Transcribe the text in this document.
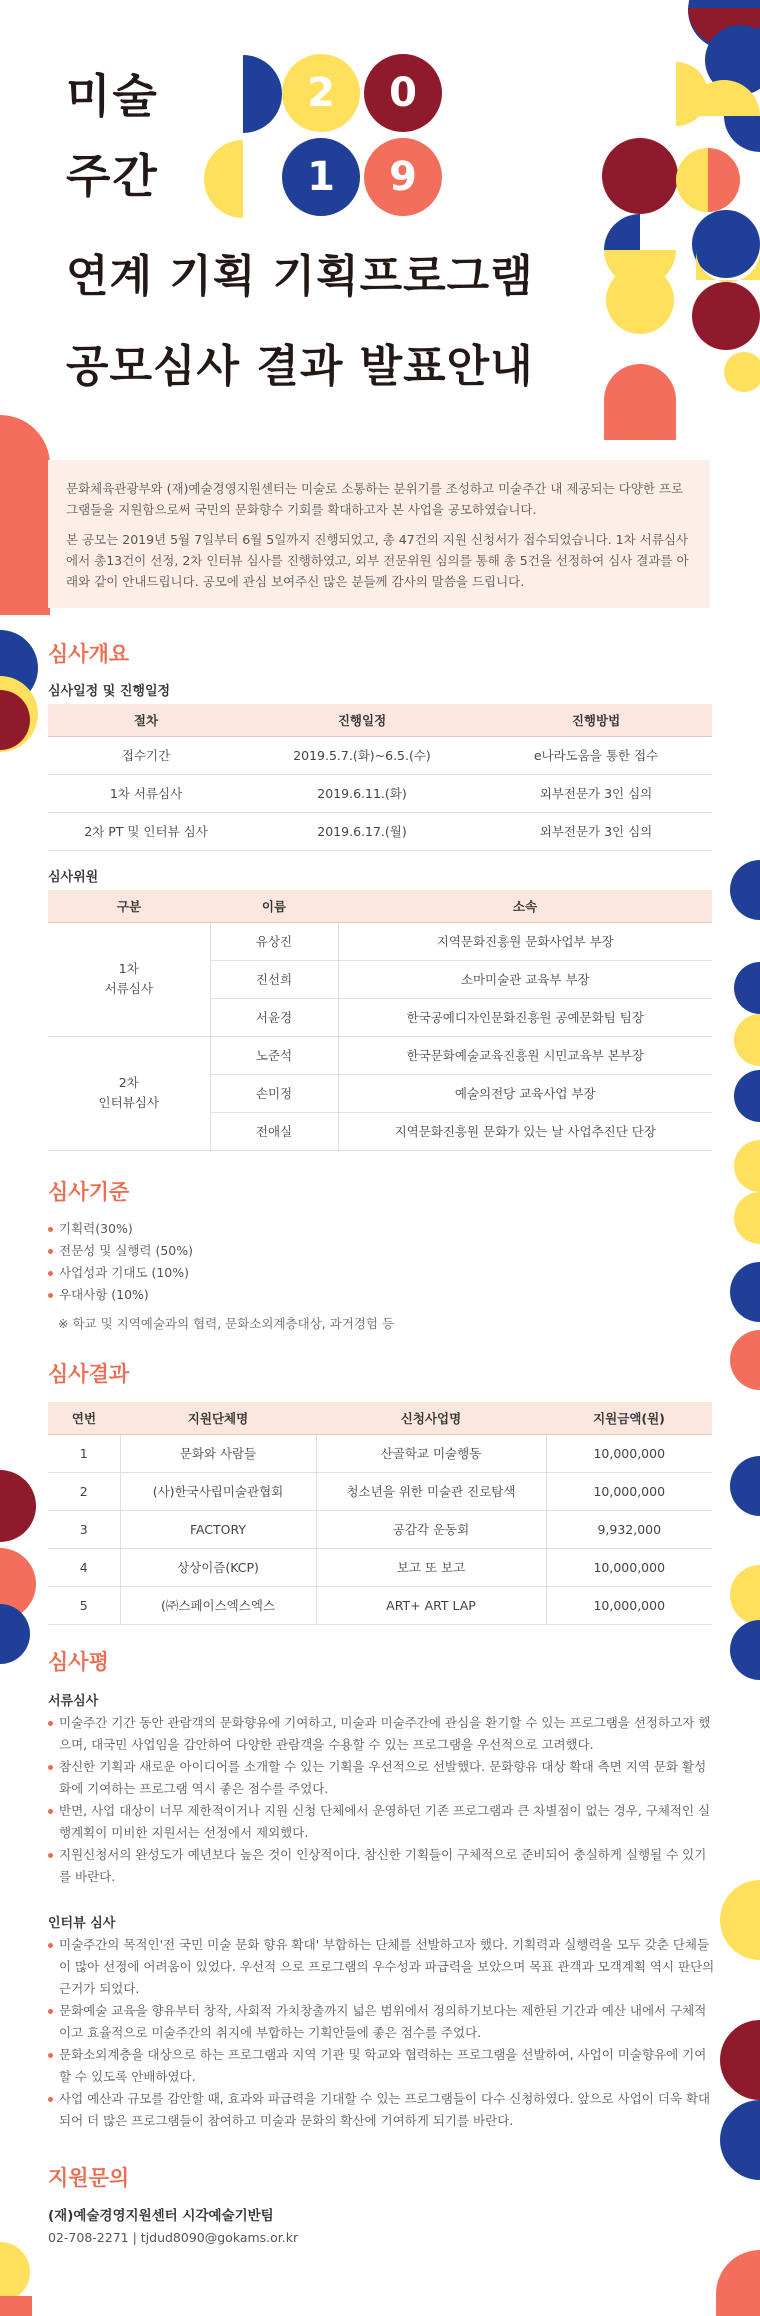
미술
주간
2	0
1	9
연계 기획 기획프로그램
공모심사 결과 발표안내

문화체육관광부와 (재)예술경영지원센터는 미술로 소통하는 분위기를 조성하고 미술주간 내 제공되는 다양한 프로그램들을 지원함으로써 국민의 문화향수 기회를 확대하고자 본 사업을 공모하였습니다.

본 공모는 2019년 5월 7일부터 6월 5일까지 진행되었고, 총 47건의 지원 신청서가 접수되었습니다. 1차 서류심사에서 총13건이 선정, 2차 인터뷰 심사를 진행하였고, 외부 전문위원 심의를 통해 총 5건을 선정하여 심사 결과를 아래와 같이 안내드립니다. 공모에 관심 보여주신 많은 분들께 감사의 말씀을 드립니다.

심사개요
심사일정 및 진행일정
절차	진행일정	진행방법
접수기간	2019.5.7.(화)~6.5.(수)	e나라도움을 통한 접수
1차 서류심사	2019.6.11.(화)	외부전문가 3인 심의
2차 PT 및 인터뷰 심사	2019.6.17.(월)	외부전문가 3인 심의
심사위원
구분	이름	소속
1차
서류심사	유상진	지역문화진흥원 문화사업부 부장
	진선희	소마미술관 교육부 부장
	서윤경	한국공예디자인문화진흥원 공예문화팀 팀장
2차
인터뷰심사	노준석	한국문화예술교육진흥원 시민교육부 본부장
	손미정	예술의전당 교육사업 부장
	전애실	지역문화진흥원 문화가 있는 날 사업추진단 단장
심사기준
기획력(30%)
전문성 및 실행력 (50%)
사업성과 기대도 (10%)
우대사항 (10%)
※ 학교 및 지역예술과의 협력, 문화소외계층대상, 과거경험 등
심사결과
연번	지원단체명	신청사업명	지원금액(원)
1	문화와 사람들	산골학교 미술행동	10,000,000
2	(사)한국사립미술관협회	청소년을 위한 미술관 진로탐색	10,000,000
3	FACTORY	공감각 운동회	9,932,000
4	상상이즘(KCP)	보고 또 보고	10,000,000
5	(㈜스페이스엑스엑스	ART+ ART LAP	10,000,000
심사평
서류심사
미술주간 기간 동안 관람객의 문화향유에 기여하고, 미술과 미술주간에 관심을 환기할 수 있는 프로그램을 선정하고자 했으며, 대국민 사업임을 감안하여 다양한 관람객을 수용할 수 있는 프로그램을 우선적으로 고려했다.
참신한 기획과 새로운 아이디어를 소개할 수 있는 기획을 우선적으로 선발했다. 문화향유 대상 확대 측면 지역 문화 활성화에 기여하는 프로그램 역시 좋은 점수를 주었다.
반면, 사업 대상이 너무 제한적이거나 지원 신청 단체에서 운영하던 기존 프로그램과 큰 차별점이 없는 경우, 구체적인 실행계획이 미비한 지원서는 선정에서 제외했다.
지원신청서의 완성도가 예년보다 높은 것이 인상적이다. 참신한 기획들이 구체적으로 준비되어 충실하게 실행될 수 있기를 바란다.
인터뷰 심사
미술주간의 목적인'전 국민 미술 문화 향유 확대' 부합하는 단체를 선발하고자 했다. 기획력과 실행력을 모두 갖춘 단체들이 많아 선정에 어려움이 있었다. 우선적 으로 프로그램의 우수성과 파급력을 보았으며 목표 관객과 모객계획 역시 판단의 근거가 되었다.
문화예술 교육을 향유부터 창작, 사회적 가치창출까지 넓은 범위에서 정의하기보다는 제한된 기간과 예산 내에서 구체적이고 효율적으로 미술주간의 취지에 부합하는 기획안들에 좋은 점수를 주었다.
문화소외계층을 대상으로 하는 프로그램과 지역 기관 및 학교와 협력하는 프로그램을 선발하여, 사업이 미술향유에 기여할 수 있도록 안배하였다.
사업 예산과 규모를 감안할 때, 효과와 파급력을 기대할 수 있는 프로그램들이 다수 신청하였다. 앞으로 사업이 더욱 확대되어 더 많은 프로그램들이 참여하고 미술과 문화의 확산에 기여하게 되기를 바란다.
지원문의
(재)예술경영지원센터 시각예술기반팀
02-708-2271 | tjdud8090@gokams.or.kr
